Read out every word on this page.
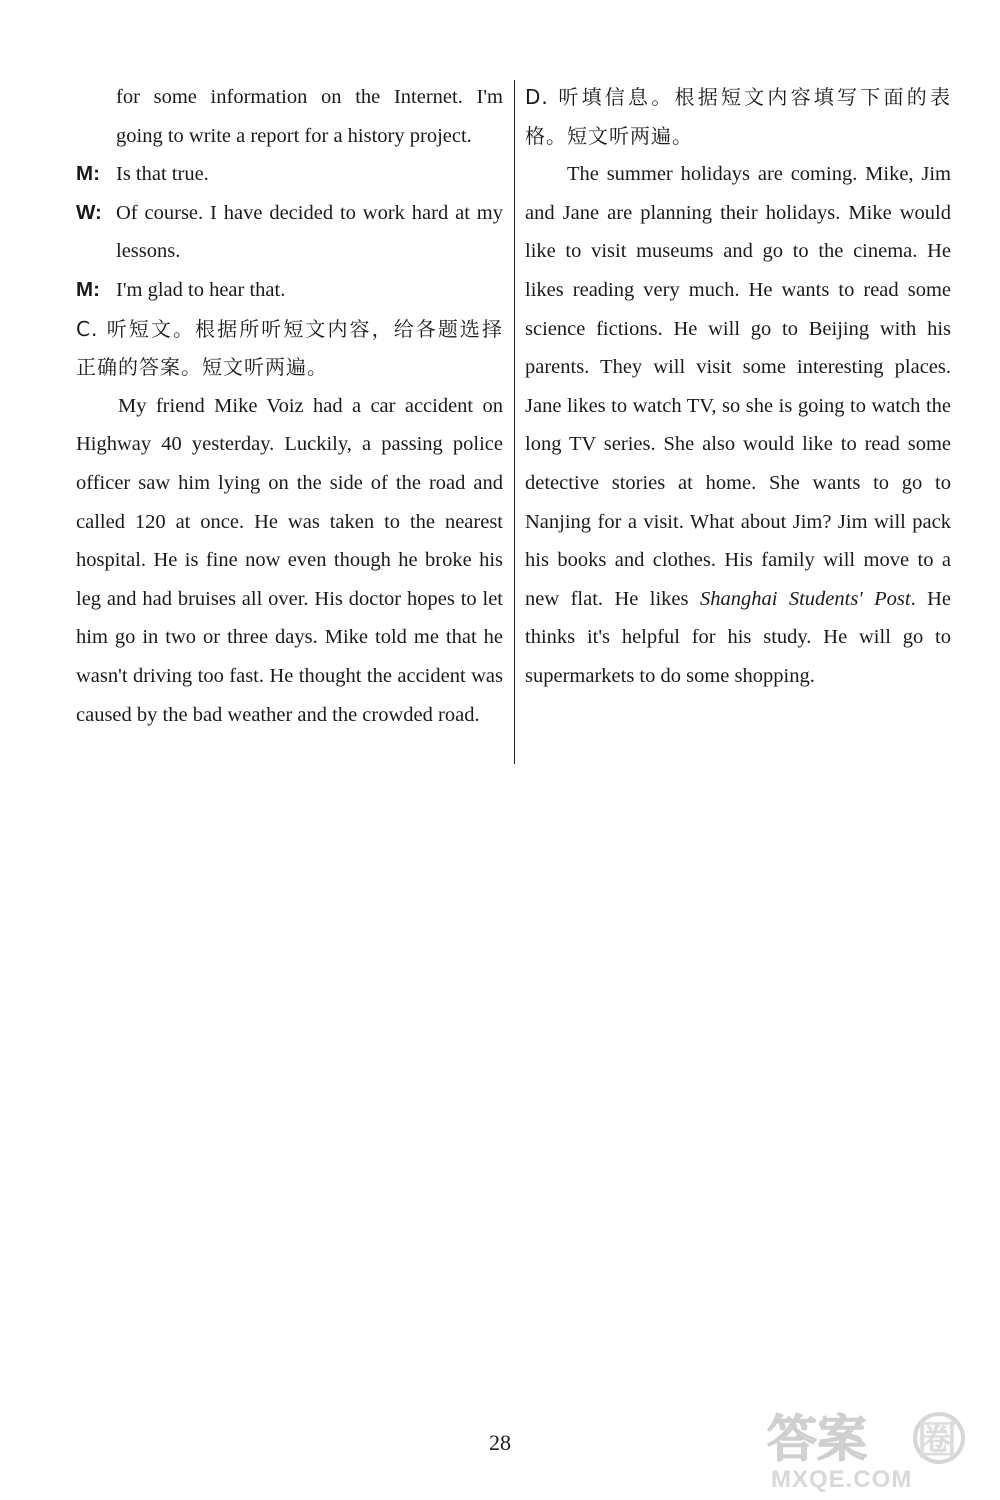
for some information on the Internet. I'm going to write a report for a history project.

M: Is that true.

W: Of course. I have decided to work hard at my lessons.

M: I'm glad to hear that.

C. 听短文。根据所听短文内容，给各题选择正确的答案。短文听两遍。

My friend Mike Voiz had a car accident on Highway 40 yesterday. Luckily, a passing police officer saw him lying on the side of the road and called 120 at once. He was taken to the nearest hospital. He is fine now even though he broke his leg and had bruises all over. His doctor hopes to let him go in two or three days. Mike told me that he wasn't driving too fast. He thought the accident was caused by the bad weather and the crowded road.

D. 听填信息。根据短文内容填写下面的表格。短文听两遍。

The summer holidays are coming. Mike, Jim and Jane are planning their holidays. Mike would like to visit museums and go to the cinema. He likes reading very much. He wants to read some science fictions. He will go to Beijing with his parents. They will visit some interesting places. Jane likes to watch TV, so she is going to watch the long TV series. She also would like to read some detective stories at home. She wants to go to Nanjing for a visit. What about Jim? Jim will pack his books and clothes. His family will move to a new flat. He likes Shanghai Students' Post. He thinks it's helpful for his study. He will go to supermarkets to do some shopping.

28	答案 圈
MXQE.COM
